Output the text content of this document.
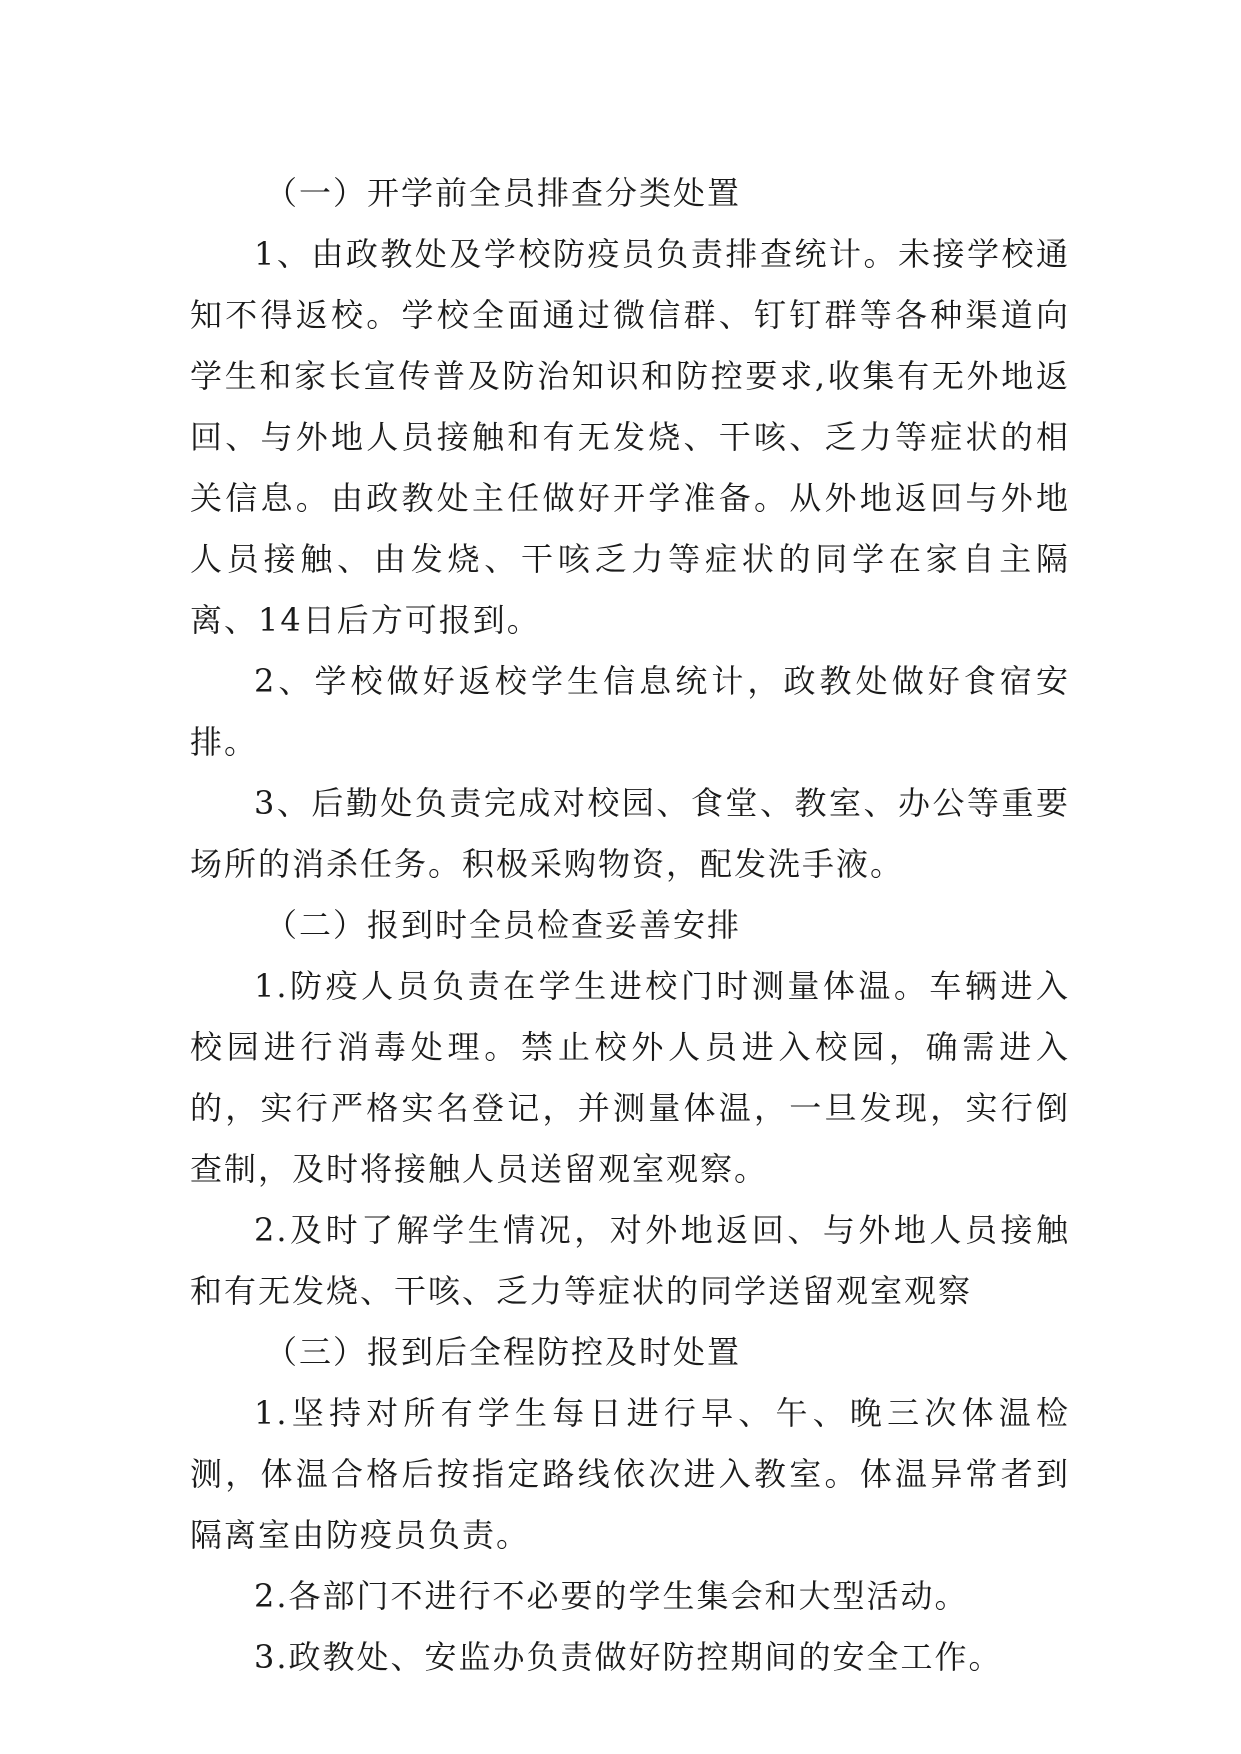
（一）开学前全员排查分类处置

1、由政教处及学校防疫员负责排查统计。未接学校通知不得返校。学校全面通过微信群、钉钉群等各种渠道向学生和家长宣传普及防治知识和防控要求,收集有无外地返回、与外地人员接触和有无发烧、干咳、乏力等症状的相关信息。由政教处主任做好开学准备。从外地返回与外地人员接触、由发烧、干咳乏力等症状的同学在家自主隔离、14日后方可报到。

2、学校做好返校学生信息统计，政教处做好食宿安排。

3、后勤处负责完成对校园、食堂、教室、办公等重要场所的消杀任务。积极采购物资，配发洗手液。

（二）报到时全员检查妥善安排

1.防疫人员负责在学生进校门时测量体温。车辆进入校园进行消毒处理。禁止校外人员进入校园，确需进入的，实行严格实名登记，并测量体温，一旦发现，实行倒查制，及时将接触人员送留观室观察。

2.及时了解学生情况，对外地返回、与外地人员接触和有无发烧、干咳、乏力等症状的同学送留观室观察

（三）报到后全程防控及时处置

1.坚持对所有学生每日进行早、午、晚三次体温检测，体温合格后按指定路线依次进入教室。体温异常者到隔离室由防疫员负责。

2.各部门不进行不必要的学生集会和大型活动。

3.政教处、安监办负责做好防控期间的安全工作。
